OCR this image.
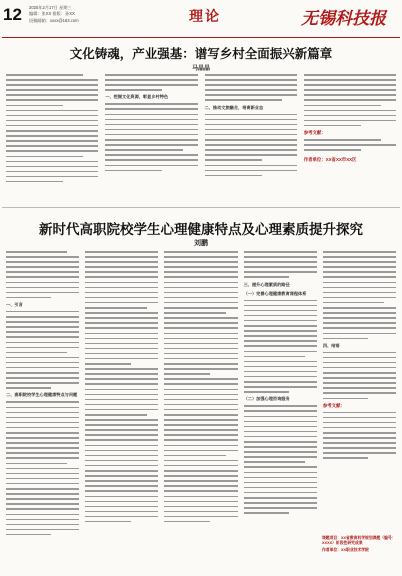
12 2025年2月17日 星期三
编辑：张XX 排版：孙XX
投稿邮箱：xxxx@163.com	理论	无锡科技报
文化铸魂，产业强基：谱写乡村全面振兴新篇章
马晶晶
一、挖掘文化资源，彰显乡村特色
二、推动文旅融合，培育新业态
参考文献：
作者单位：XX省XX市XX区
新时代高职院校学生心理健康特点及心理素质提升探究
刘鹏
一、引言
二、高职院校学生心理健康特点与问题
三、提升心理素质的路径
（一）完善心理健康教育课程体系
（二）加强心理咨询服务
四、结语
参考文献：
课题项目：XX省教育科学规划课题（编号：XXXX）阶段性研究成果
作者单位：XX职业技术学院
